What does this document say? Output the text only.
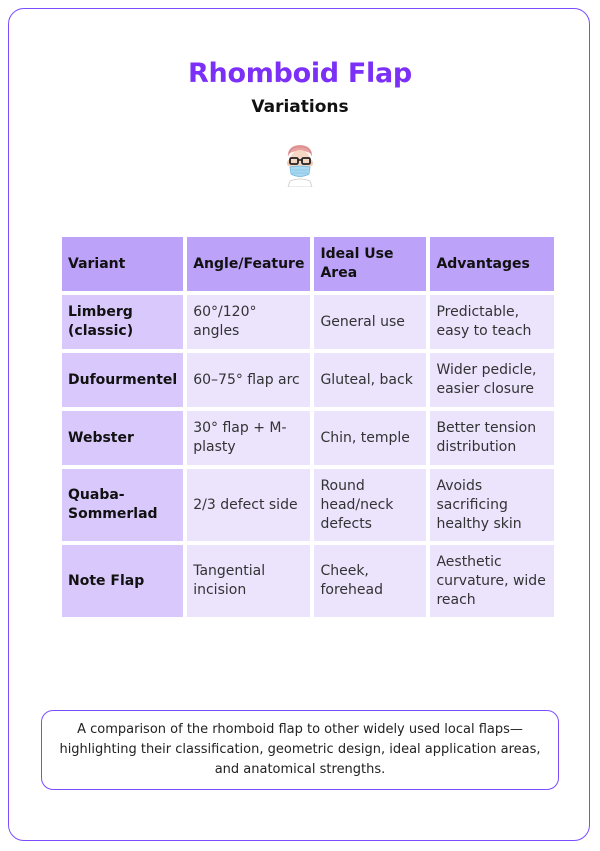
Rhomboid Flap
Variations
Variant	Angle/Feature	Ideal Use Area	Advantages
Limberg (classic)	60°/120° angles	General use	Predictable, easy to teach
Dufourmentel	60–75° flap arc	Gluteal, back	Wider pedicle, easier closure
Webster	30° flap + M-plasty	Chin, temple	Better tension distribution
Quaba-Sommerlad	2/3 defect side	Round head/neck defects	Avoids sacrificing healthy skin
Note Flap	Tangential incision	Cheek, forehead	Aesthetic curvature, wide reach
A comparison of the rhomboid flap to other widely used local flaps—highlighting their classification, geometric design, ideal application areas, and anatomical strengths.
